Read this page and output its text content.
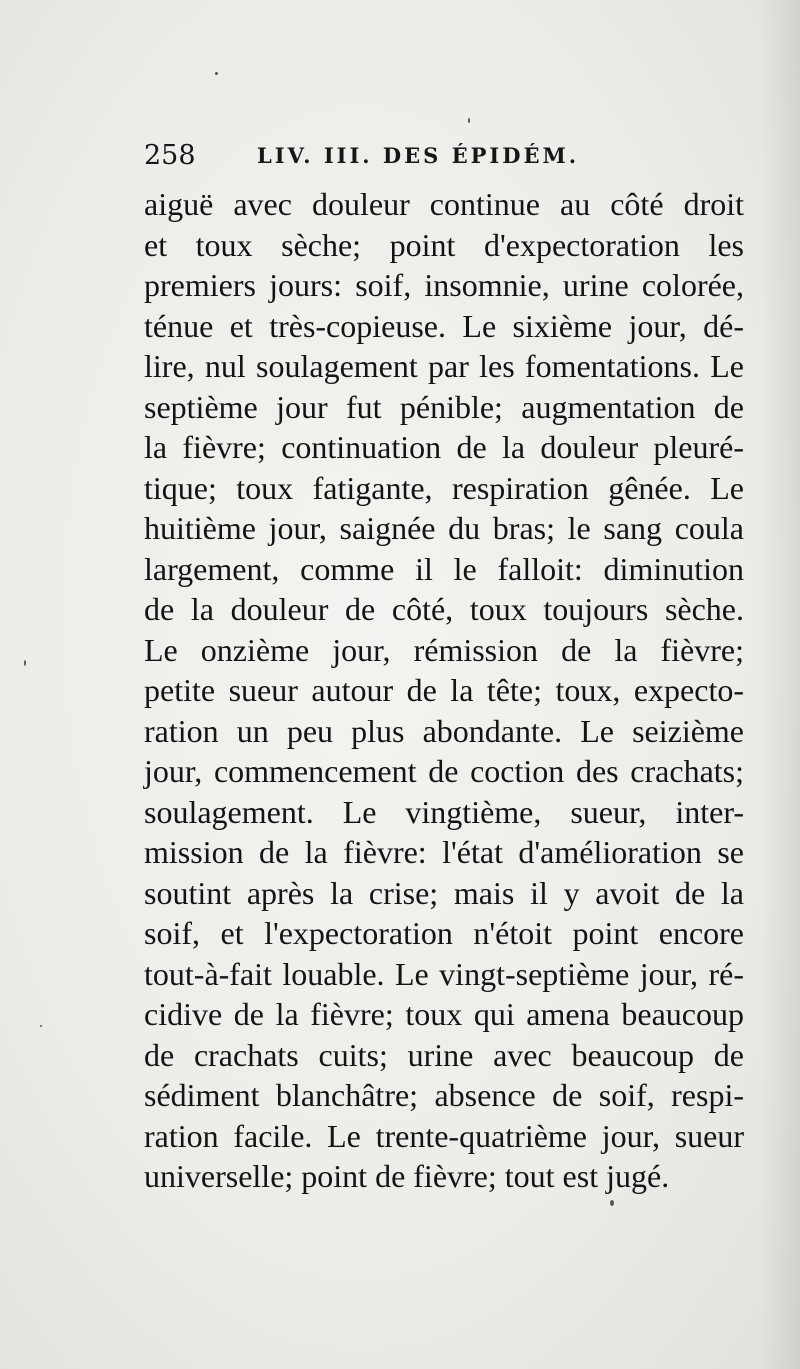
258	LIV. III. DES ÉPIDÉM.

aiguë avec douleur continue au côté droit
et toux sèche; point d'expectoration les
premiers jours: soif, insomnie, urine colorée,
ténue et très-copieuse. Le sixième jour, dé-
lire, nul soulagement par les fomentations. Le
septième jour fut pénible; augmentation de
la fièvre; continuation de la douleur pleuré-
tique; toux fatigante, respiration gênée. Le
huitième jour, saignée du bras; le sang coula
largement, comme il le falloit: diminution
de la douleur de côté, toux toujours sèche.
Le onzième jour, rémission de la fièvre;
petite sueur autour de la tête; toux, expecto-
ration un peu plus abondante. Le seizième
jour, commencement de coction des crachats;
soulagement. Le vingtième, sueur, inter-
mission de la fièvre: l'état d'amélioration se
soutint après la crise; mais il y avoit de la
soif, et l'expectoration n'étoit point encore
tout-à-fait louable. Le vingt-septième jour, ré-
cidive de la fièvre; toux qui amena beaucoup
de crachats cuits; urine avec beaucoup de
sédiment blanchâtre; absence de soif, respi-
ration facile. Le trente-quatrième jour, sueur
universelle; point de fièvre; tout est jugé.
